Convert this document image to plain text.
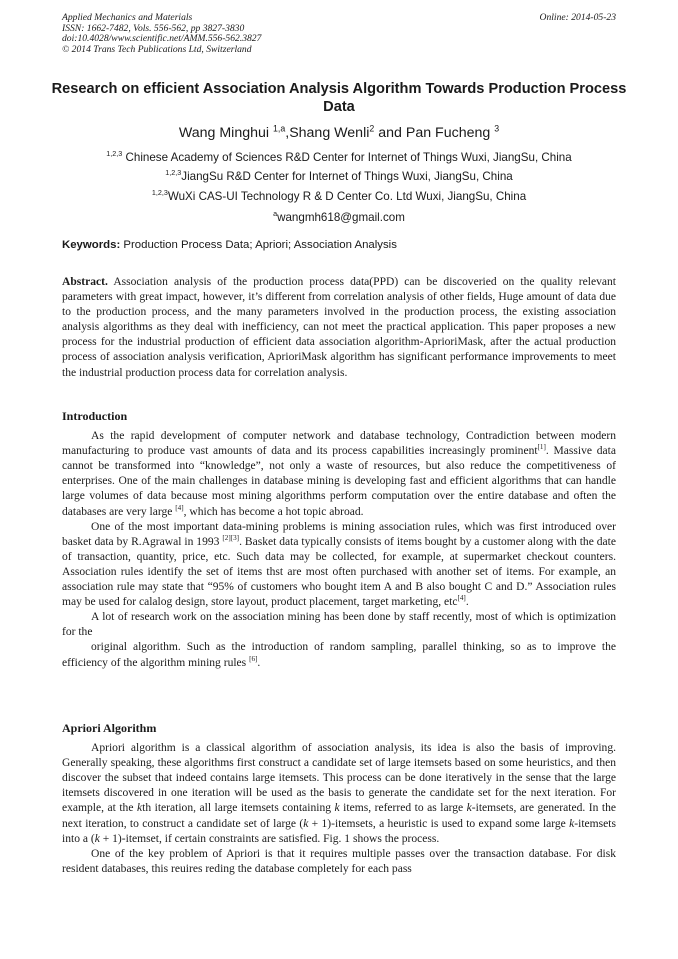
Applied Mechanics and Materials
ISSN: 1662-7482, Vols. 556-562, pp 3827-3830
doi:10.4028/www.scientific.net/AMM.556-562.3827
© 2014 Trans Tech Publications Ltd, Switzerland
Online: 2014-05-23
Research on efficient Association Analysis Algorithm Towards Production Process Data
Wang Minghui $^{1,a}$,Shang Wenli$^2$ and Pan Fucheng $^3$
$^{1,2,3}$ Chinese Academy of Sciences R&D Center for Internet of Things Wuxi, JiangSu, China
$^{1,2,3}$JiangSu R&D Center for Internet of Things Wuxi, JiangSu, China
$^{1,2,3}$WuXi CAS-UI Technology R & D Center Co. Ltd Wuxi, JiangSu, China
$^a$wangmh618@gmail.com
Keywords: Production Process Data; Apriori; Association Analysis

Abstract. Association analysis of the production process data(PPD) can be discoveried on the quality relevant parameters with great impact, however, it’s different from correlation analysis of other fields, Huge amount of data due to the production process, and the many parameters involved in the production process, the existing association analysis algorithms as they deal with inefficiency, can not meet the practical application. This paper proposes a new process for the industrial production of efficient data association algorithm-AprioriMask, after the actual production process of association analysis verification, AprioriMask algorithm has significant performance improvements to meet the industrial production process data for correlation analysis.

Introduction

As the rapid development of computer network and database technology, Contradiction between modern manufacturing to produce vast amounts of data and its process capabilities increasingly prominent[1]. Massive data cannot be transformed into “knowledge”, not only a waste of resources, but also reduce the competitiveness of enterprises. One of the main challenges in database mining is developing fast and efficient algorithms that can handle large volumes of data because most mining algorithms perform computation over the entire database and often the databases are very large [4], which has become a hot topic abroad.

One of the most important data-mining problems is mining association rules, which was first introduced over basket data by R.Agrawal in 1993 [2][3]. Basket data typically consists of items bought by a customer along with the date of transaction, quantity, price, etc. Such data may be collected, for example, at supermarket checkout counters. Association rules identify the set of items thst are most often purchased with another set of items. For example, an association rule may state that “95% of customers who bought item A and B also bought C and D.” Association rules may be used for calalog design, store layout, product placement, target marketing, etc[4].

A lot of research work on the association mining has been done by staff recently, most of which is optimization for the

original algorithm. Such as the introduction of random sampling, parallel thinking, so as to improve the efficiency of the algorithm mining rules [6].

Apriori Algorithm

Apriori algorithm is a classical algorithm of association analysis, its idea is also the basis of improving. Generally speaking, these algorithms first construct a candidate set of large itemsets based on some heuristics, and then discover the subset that indeed contains large itemsets. This process can be done iteratively in the sense that the large itemsets discovered in one iteration will be used as the basis to generate the candidate set for the next iteration. For example, at the kth iteration, all large itemsets containing k items, referred to as large k-itemsets, are generated. In the next iteration, to construct a candidate set of large (k + 1)-itemsets, a heuristic is used to expand some large k-itemsets into a (k + 1)-itemset, if certain constraints are satisfied. Fig. 1 shows the process.

One of the key problem of Apriori is that it requires multiple passes over the transaction database. For disk resident databases, this reuires reding the database completely for each pass
